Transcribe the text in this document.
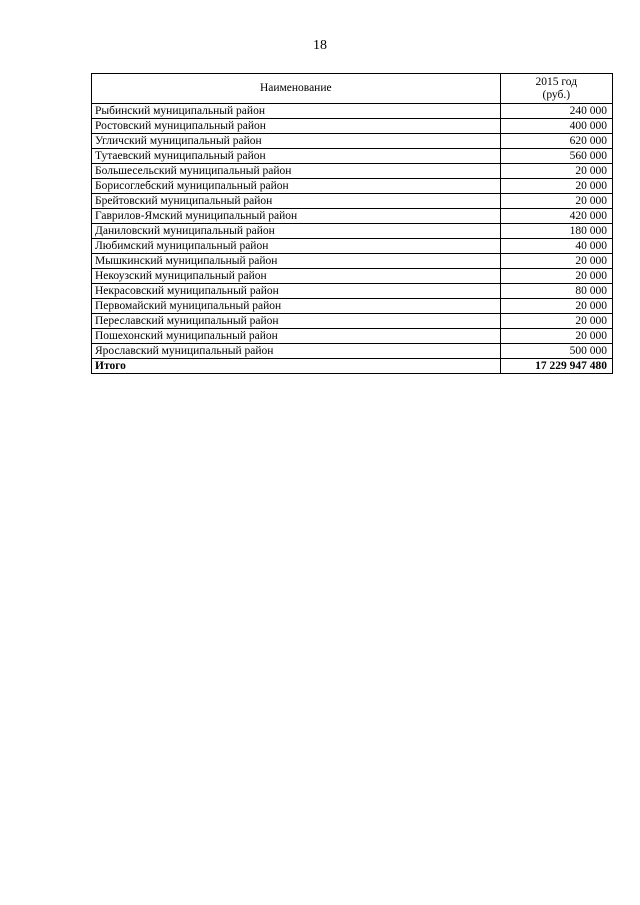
18
Наименование	2015 год
(руб.)
Рыбинский муниципальный район	240 000
Ростовский муниципальный район	400 000
Угличский муниципальный район	620 000
Тутаевский муниципальный район	560 000
Большесельский муниципальный район	20 000
Борисоглебский муниципальный район	20 000
Брейтовский муниципальный район	20 000
Гаврилов-Ямский муниципальный район	420 000
Даниловский муниципальный район	180 000
Любимский муниципальный район	40 000
Мышкинский муниципальный район	20 000
Некоузский муниципальный район	20 000
Некрасовский муниципальный район	80 000
Первомайский муниципальный район	20 000
Переславский муниципальный район	20 000
Пошехонский муниципальный район	20 000
Ярославский муниципальный район	500 000
Итого	17 229 947 480
